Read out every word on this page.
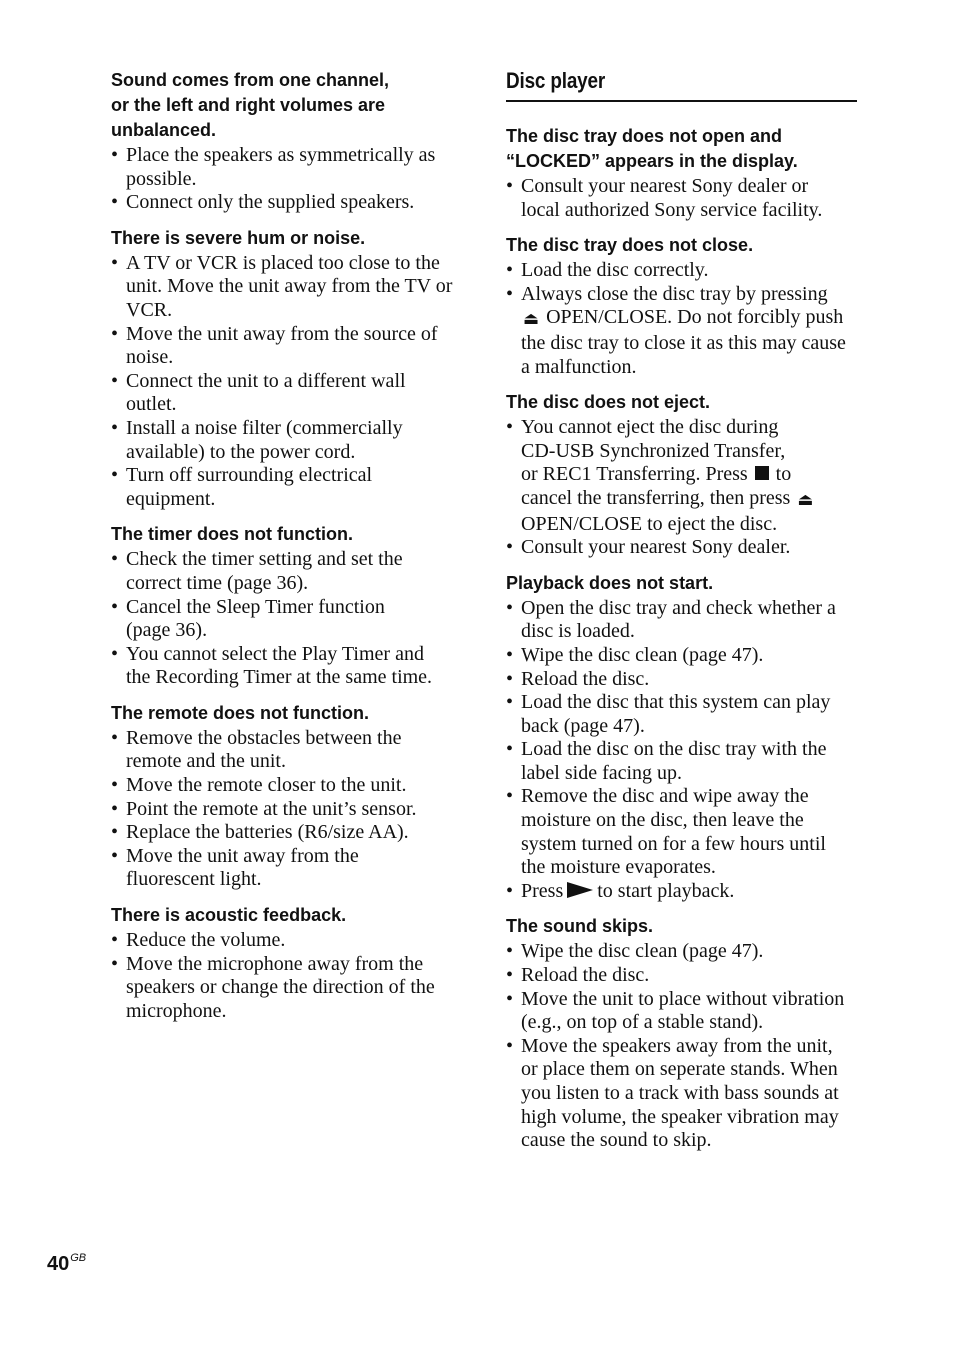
Sound comes from one channel,
or the left and right volumes are
unbalanced.
• Place the speakers as symmetrically as
possible.
• Connect only the supplied speakers.
There is severe hum or noise.
• A TV or VCR is placed too close to the
unit. Move the unit away from the TV or
VCR.
• Move the unit away from the source of
noise.
• Connect the unit to a different wall
outlet.
• Install a noise filter (commercially
available) to the power cord.
• Turn off surrounding electrical
equipment.
The timer does not function.
• Check the timer setting and set the
correct time (page 36).
• Cancel the Sleep Timer function
(page 36).
• You cannot select the Play Timer and
the Recording Timer at the same time.
The remote does not function.
• Remove the obstacles between the
remote and the unit.
• Move the remote closer to the unit.
• Point the remote at the unit’s sensor.
• Replace the batteries (R6/size AA).
• Move the unit away from the
fluorescent light.
There is acoustic feedback.
• Reduce the volume.
• Move the microphone away from the
speakers or change the direction of the
microphone.
Disc player
The disc tray does not open and
“LOCKED” appears in the display.
• Consult your nearest Sony dealer or
local authorized Sony service facility.
The disc tray does not close.
• Load the disc correctly.
• Always close the disc tray by pressing
⏏ OPEN/CLOSE. Do not forcibly push
the disc tray to close it as this may cause
a malfunction.
The disc does not eject.
• You cannot eject the disc during
CD-USB Synchronized Transfer,
or REC1 Transferring. Press to
cancel the transferring, then press ⏏
OPEN/CLOSE to eject the disc.
• Consult your nearest Sony dealer.
Playback does not start.
• Open the disc tray and check whether a
disc is loaded.
• Wipe the disc clean (page 47).
• Reload the disc.
• Load the disc that this system can play
back (page 47).
• Load the disc on the disc tray with the
label side facing up.
• Remove the disc and wipe away the
moisture on the disc, then leave the
system turned on for a few hours until
the moisture evaporates.
• Press to start playback.
The sound skips.
• Wipe the disc clean (page 47).
• Reload the disc.
• Move the unit to place without vibration
(e.g., on top of a stable stand).
• Move the speakers away from the unit,
or place them on seperate stands. When
you listen to a track with bass sounds at
high volume, the speaker vibration may
cause the sound to skip.
$40^{GB}$
